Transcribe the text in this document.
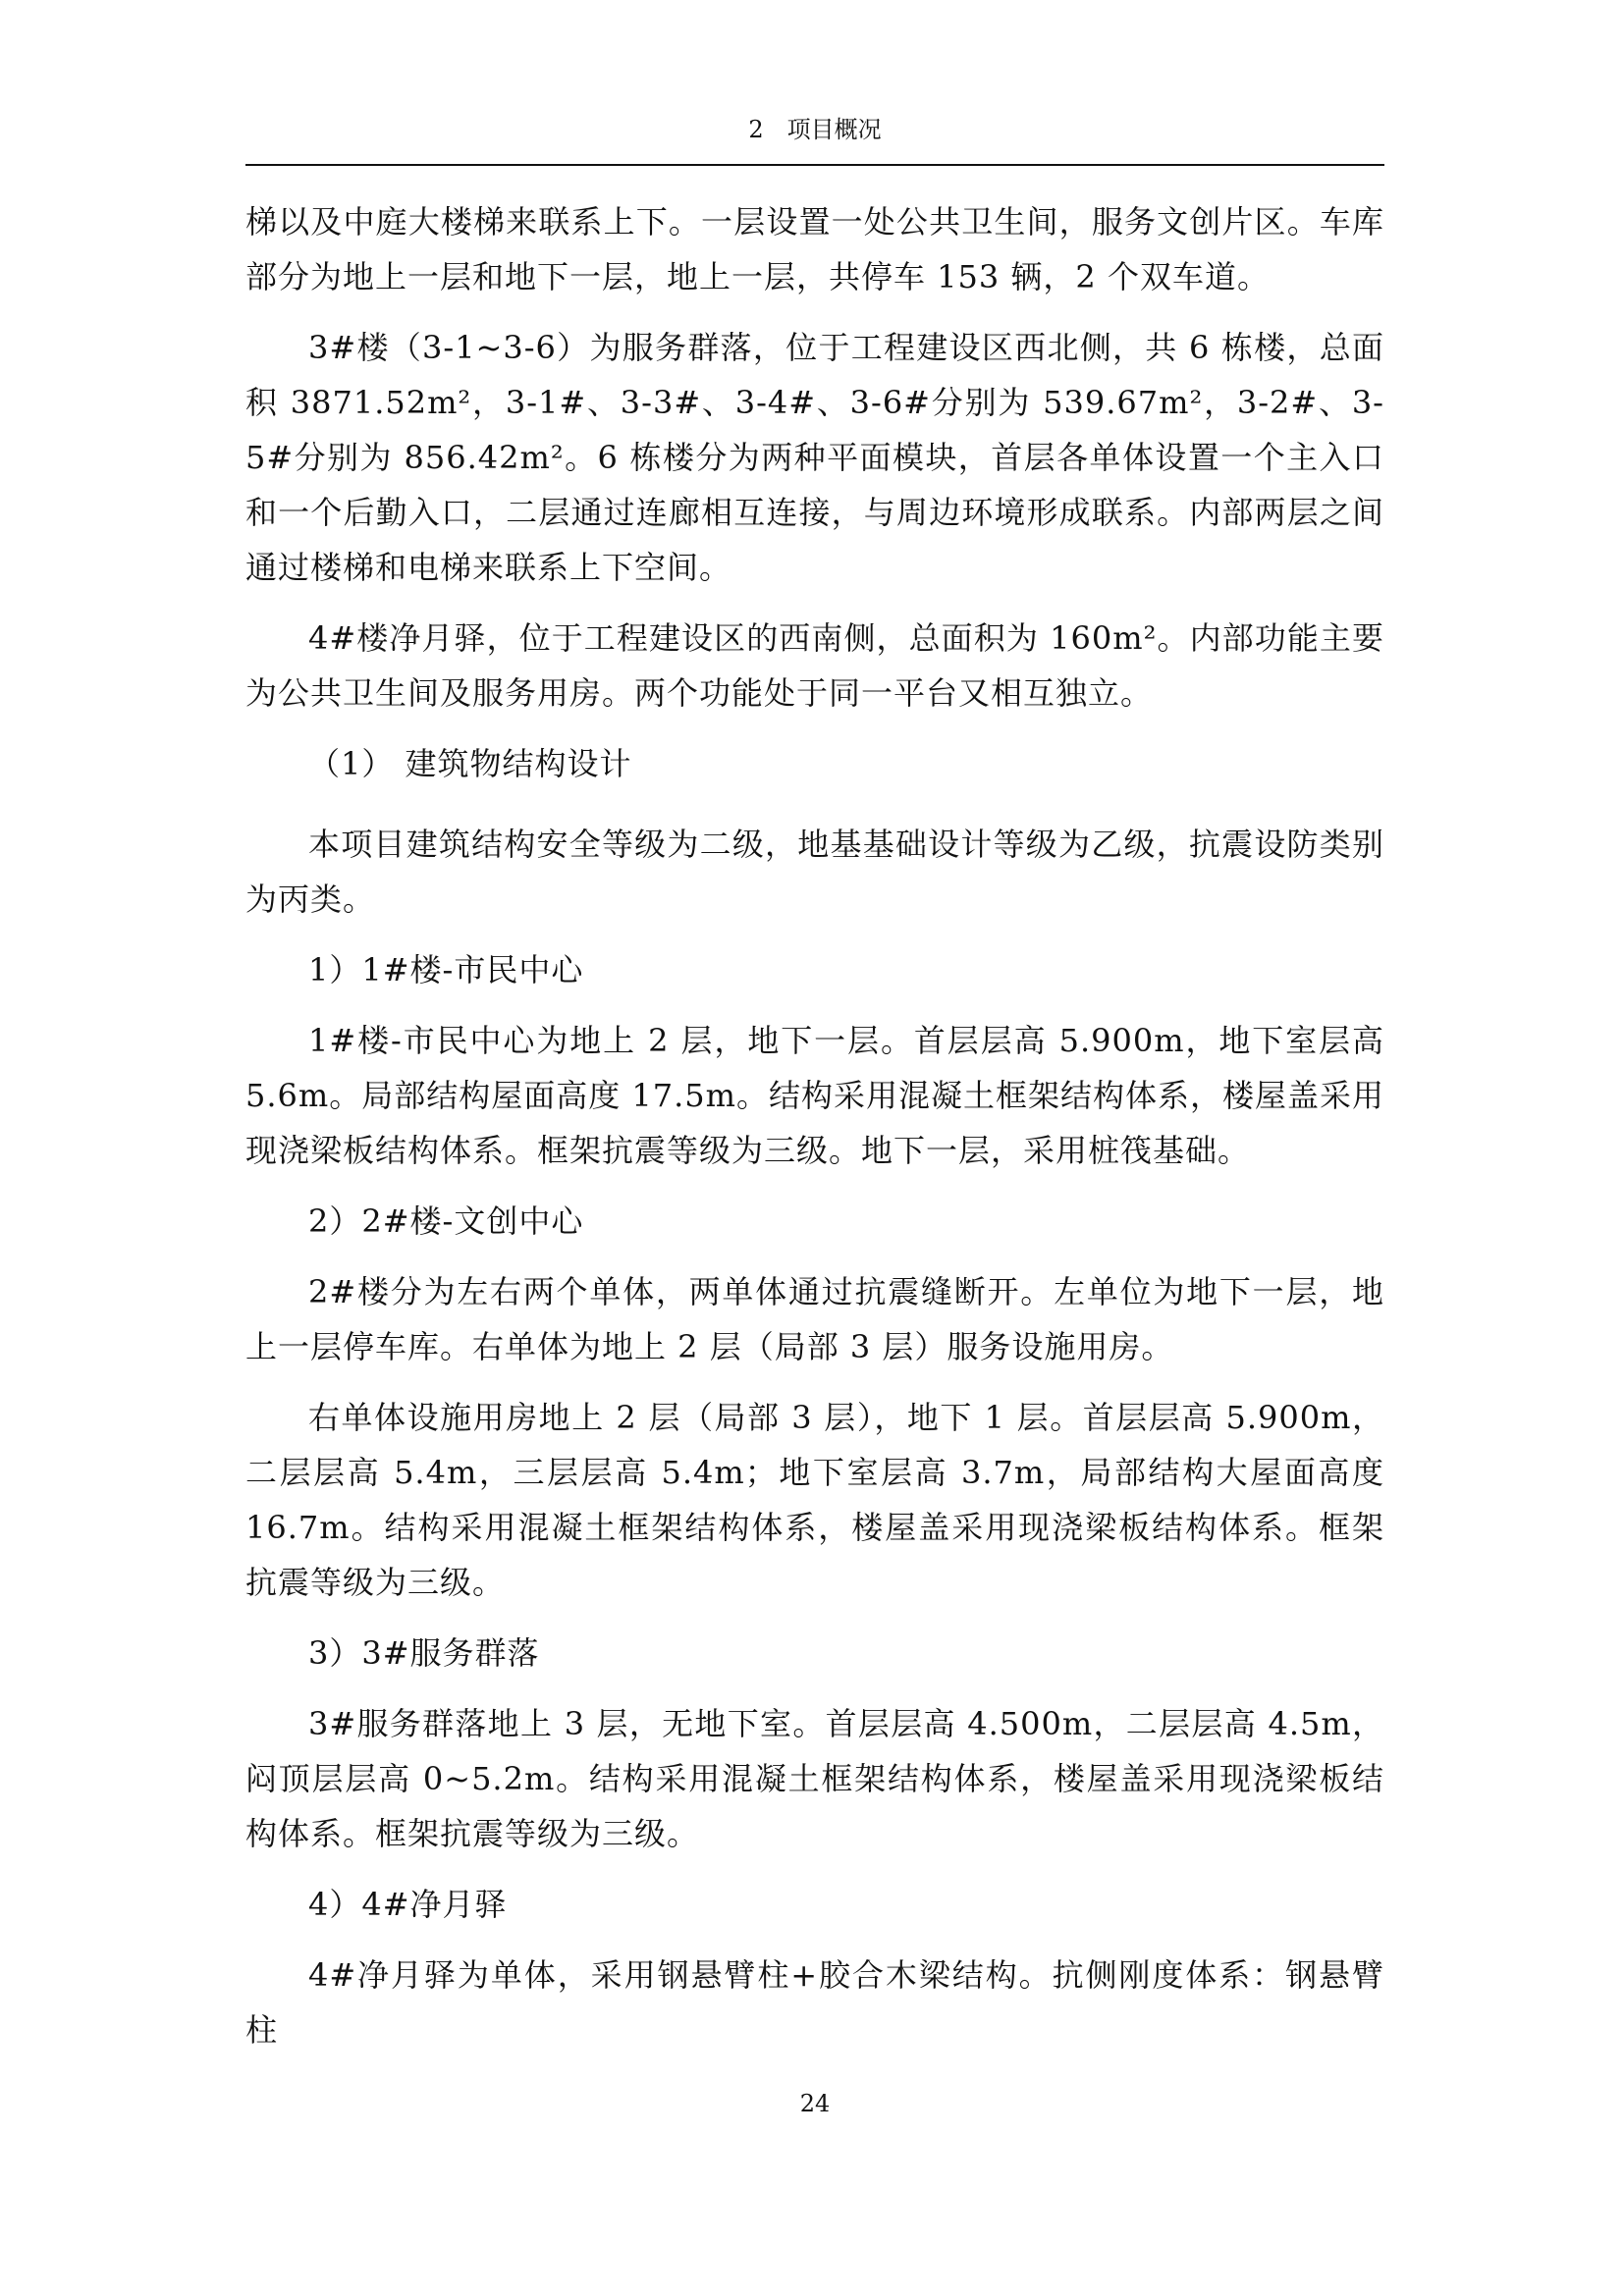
2　项目概况

梯以及中庭大楼梯来联系上下。一层设置一处公共卫生间，服务文创片区。车库部分为地上一层和地下一层，地上一层，共停车 153 辆，2 个双车道。

3#楼（3-1~3-6）为服务群落，位于工程建设区西北侧，共 6 栋楼，总面积 3871.52m²，3-1#、3-3#、3-4#、3-6#分别为 539.67m²，3-2#、3-5#分别为 856.42m²。6 栋楼分为两种平面模块，首层各单体设置一个主入口和一个后勤入口，二层通过连廊相互连接，与周边环境形成联系。内部两层之间通过楼梯和电梯来联系上下空间。

4#楼净月驿，位于工程建设区的西南侧，总面积为 160m²。内部功能主要为公共卫生间及服务用房。两个功能处于同一平台又相互独立。

（1） 建筑物结构设计

本项目建筑结构安全等级为二级，地基基础设计等级为乙级，抗震设防类别为丙类。

1）1#楼-市民中心

1#楼-市民中心为地上 2 层，地下一层。首层层高 5.900m，地下室层高 5.6m。局部结构屋面高度 17.5m。结构采用混凝土框架结构体系，楼屋盖采用现浇梁板结构体系。框架抗震等级为三级。地下一层，采用桩筏基础。

2）2#楼-文创中心

2#楼分为左右两个单体，两单体通过抗震缝断开。左单位为地下一层，地上一层停车库。右单体为地上 2 层（局部 3 层）服务设施用房。

右单体设施用房地上 2 层（局部 3 层），地下 1 层。首层层高 5.900m，二层层高 5.4m，三层层高 5.4m；地下室层高 3.7m，局部结构大屋面高度 16.7m。结构采用混凝土框架结构体系，楼屋盖采用现浇梁板结构体系。框架抗震等级为三级。

3）3#服务群落

3#服务群落地上 3 层，无地下室。首层层高 4.500m，二层层高 4.5m，闷顶层层高 0~5.2m。结构采用混凝土框架结构体系，楼屋盖采用现浇梁板结构体系。框架抗震等级为三级。

4）4#净月驿

4#净月驿为单体，采用钢悬臂柱+胶合木梁结构。抗侧刚度体系：钢悬臂柱

24
